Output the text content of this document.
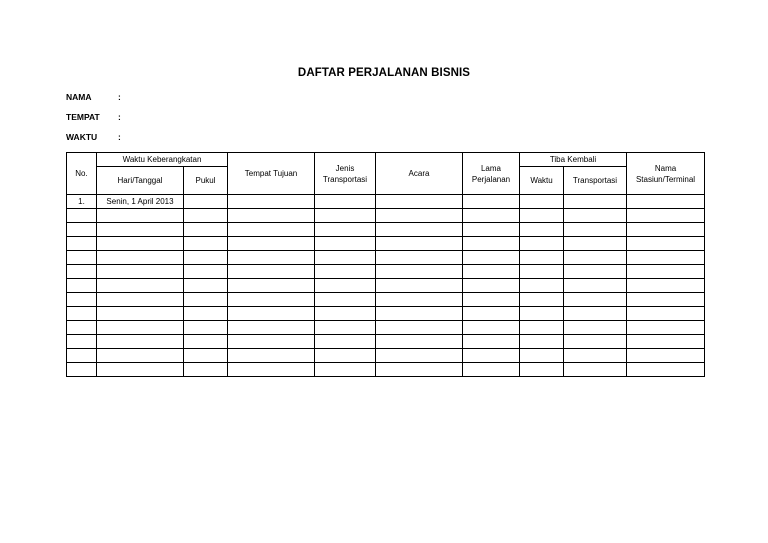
DAFTAR PERJALANAN BISNIS
NAMA	:
TEMPAT :
WAKTU :
No.	Waktu Keberangkatan		Tempat Tujuan	Jenis Transportasi	Acara	Lama Perjalanan	Tiba Kembali		Nama Stasiun/Terminal
	Hari/Tanggal	Pukul					Waktu	Transportasi	
1.	Senin, 1 April 2013								
